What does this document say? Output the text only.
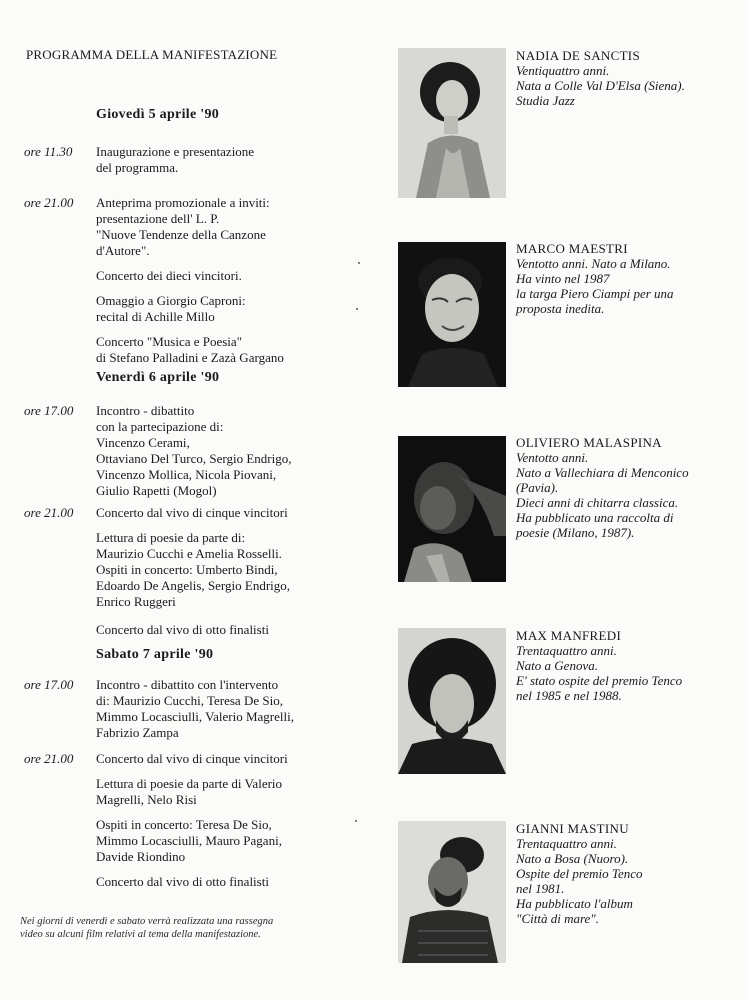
PROGRAMMA DELLA MANIFESTAZIONE
Giovedì 5 aprile '90
Venerdì 6 aprile '90
Sabato 7 aprile '90
ore 11.30	Inaugurazione e presentazione
del programma.
ore 21.00	Anteprima promozionale a inviti:
presentazione dell' L. P.
"Nuove Tendenze della Canzone
d'Autore".
Concerto dei dieci vincitori.
Omaggio a Giorgio Caproni:
recital di Achille Millo
Concerto "Musica e Poesia"
di Stefano Palladini e Zazà Gargano
ore 17.00	Incontro - dibattito
con la partecipazione di:
Vincenzo Cerami,
Ottaviano Del Turco, Sergio Endrigo,
Vincenzo Mollica, Nicola Piovani,
Giulio Rapetti (Mogol)
ore 21.00	Concerto dal vivo di cinque vincitori
Lettura di poesie da parte di:
Maurizio Cucchi e Amelia Rosselli.
Ospiti in concerto: Umberto Bindi,
Edoardo De Angelis, Sergio Endrigo,
Enrico Ruggeri
Concerto dal vivo di otto finalisti
ore 17.00	Incontro - dibattito con l'intervento
di: Maurizio Cucchi, Teresa De Sio,
Mimmo Locasciulli, Valerio Magrelli,
Fabrizio Zampa
ore 21.00	Concerto dal vivo di cinque vincitori
Lettura di poesie da parte di Valerio
Magrelli, Nelo Risi
Ospiti in concerto: Teresa De Sio,
Mimmo Locasciulli, Mauro Pagani,
Davide Riondino
Concerto dal vivo di otto finalisti
Nei giorni di venerdì e sabato verrà realizzata una rassegna
video su alcuni film relativi al tema della manifestazione.
NADIA DE SANCTIS
Ventiquattro anni.
Nata a Colle Val D'Elsa (Siena).
Studia Jazz
MARCO MAESTRI
Ventotto anni. Nato a Milano.
Ha vinto nel 1987
la targa Piero Ciampi per una
proposta inedita.
OLIVIERO MALASPINA
Ventotto anni.
Nato a Vallechiara di Menconico
(Pavia).
Dieci anni di chitarra classica.
Ha pubblicato una raccolta di
poesie (Milano, 1987).
MAX MANFREDI
Trentaquattro anni.
Nato a Genova.
E' stato ospite del premio Tenco
nel 1985 e nel 1988.
GIANNI MASTINU
Trentaquattro anni.
Nato a Bosa (Nuoro).
Ospite del premio Tenco
nel 1981.
Ha pubblicato l'album
"Città di mare".
